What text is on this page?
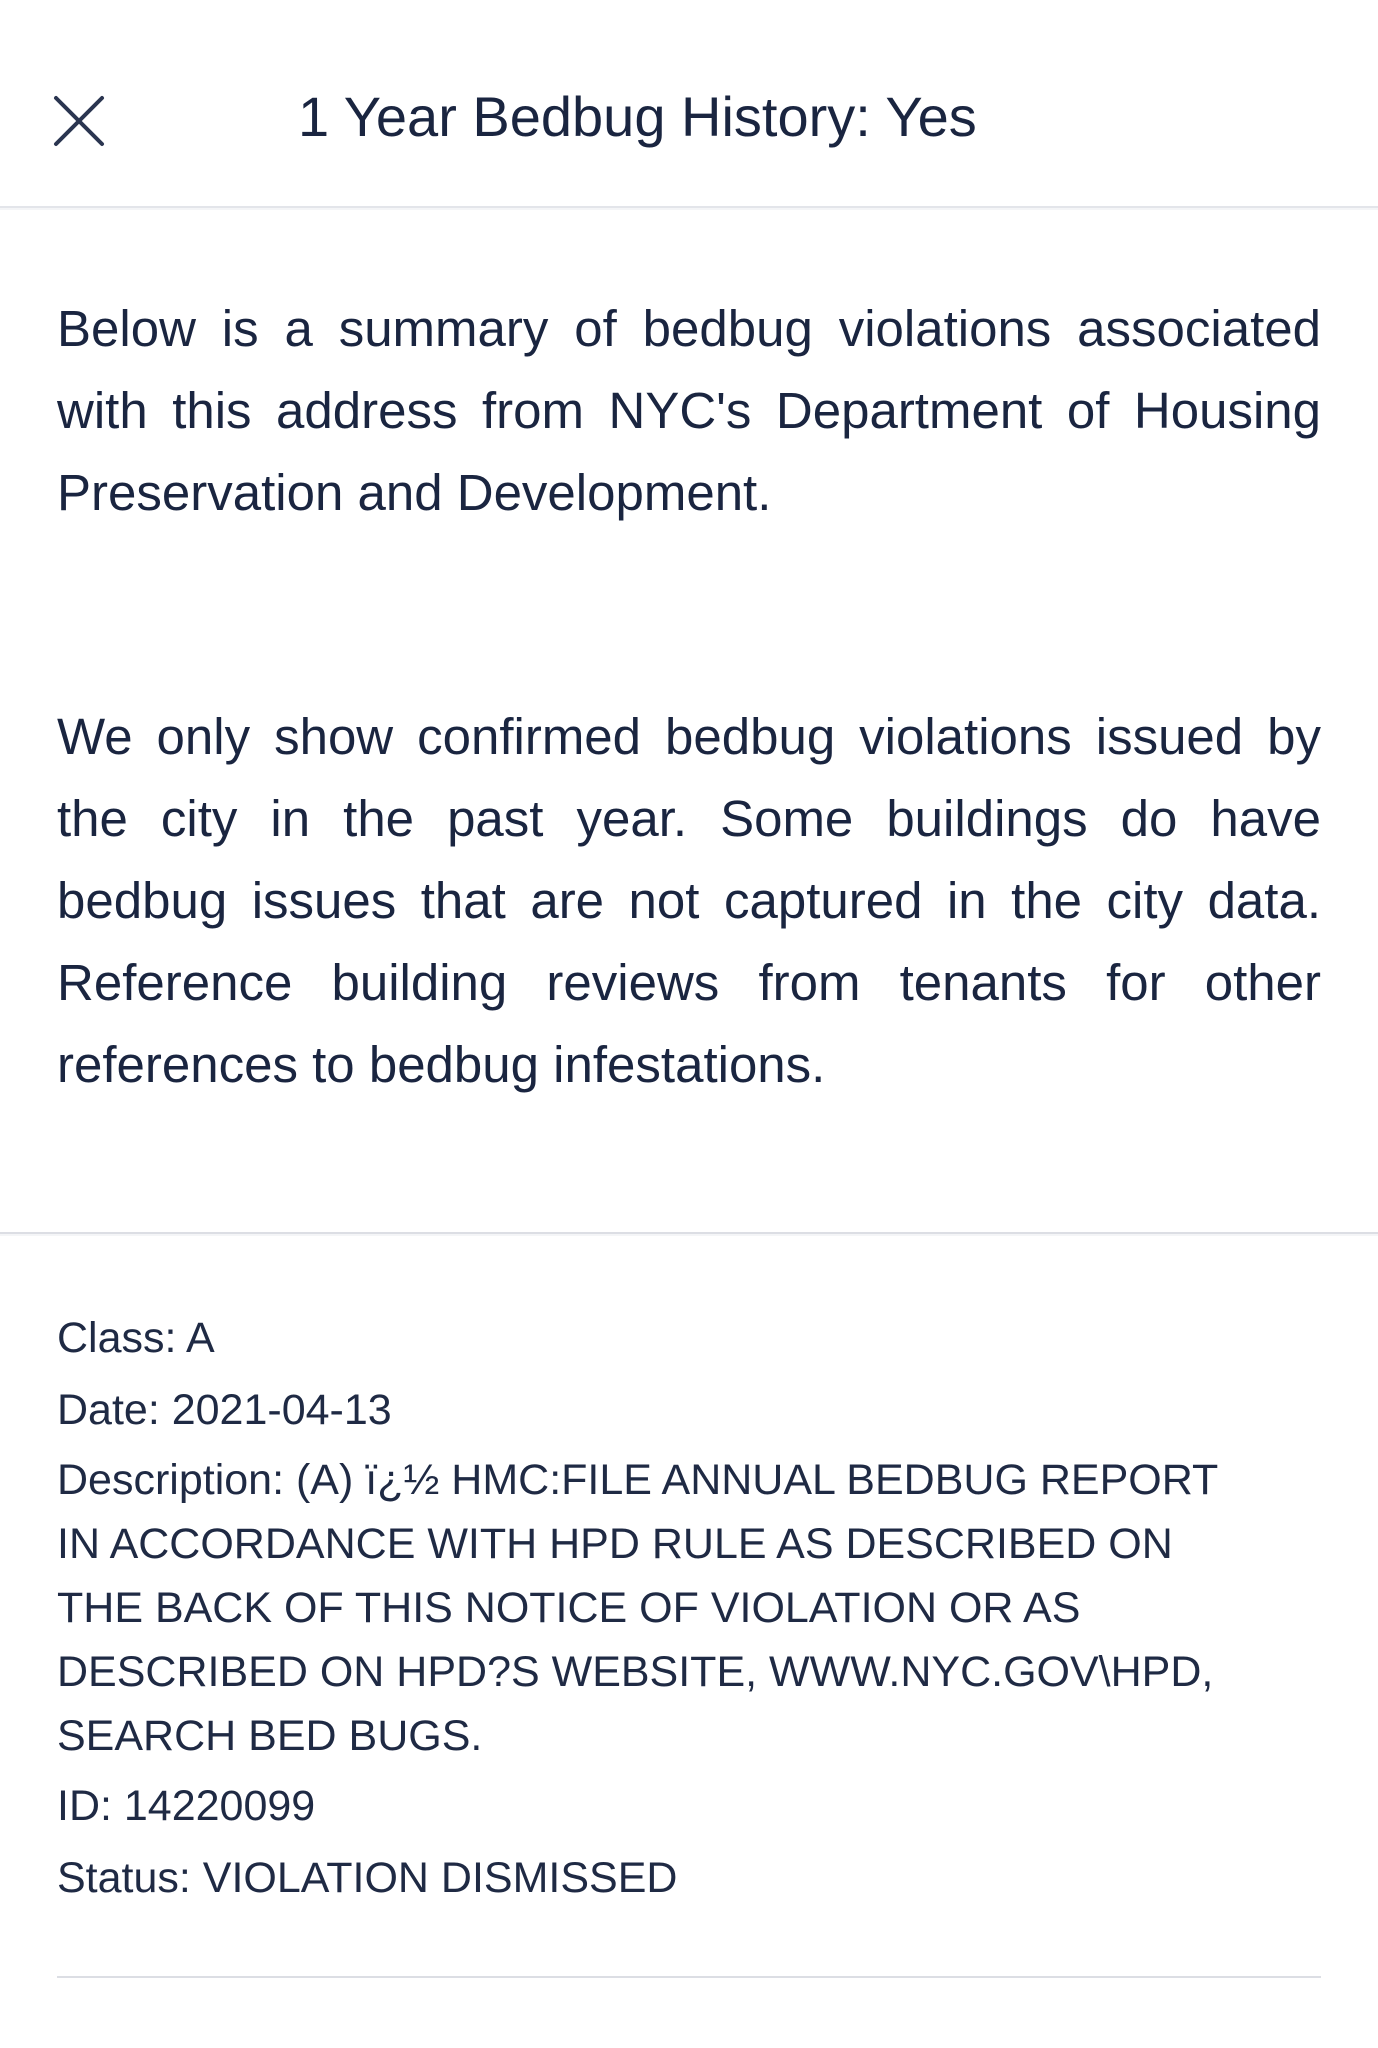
1 Year Bedbug History: Yes

Below is a summary of bedbug violations associated with this address from NYC's Department of Housing Preservation and Development.

We only show confirmed bedbug violations issued by the city in the past year. Some buildings do have bedbug issues that are not captured in the city data. Reference building reviews from tenants for other references to bedbug infestations.

Class: A
Date: 2021-04-13
Description: (A) ï¿½ HMC:FILE ANNUAL BEDBUG REPORT IN ACCORDANCE WITH HPD RULE AS DESCRIBED ON THE BACK OF THIS NOTICE OF VIOLATION OR AS DESCRIBED ON HPD?S WEBSITE, WWW.NYC.GOV\HPD, SEARCH BED BUGS.
ID: 14220099
Status: VIOLATION DISMISSED
